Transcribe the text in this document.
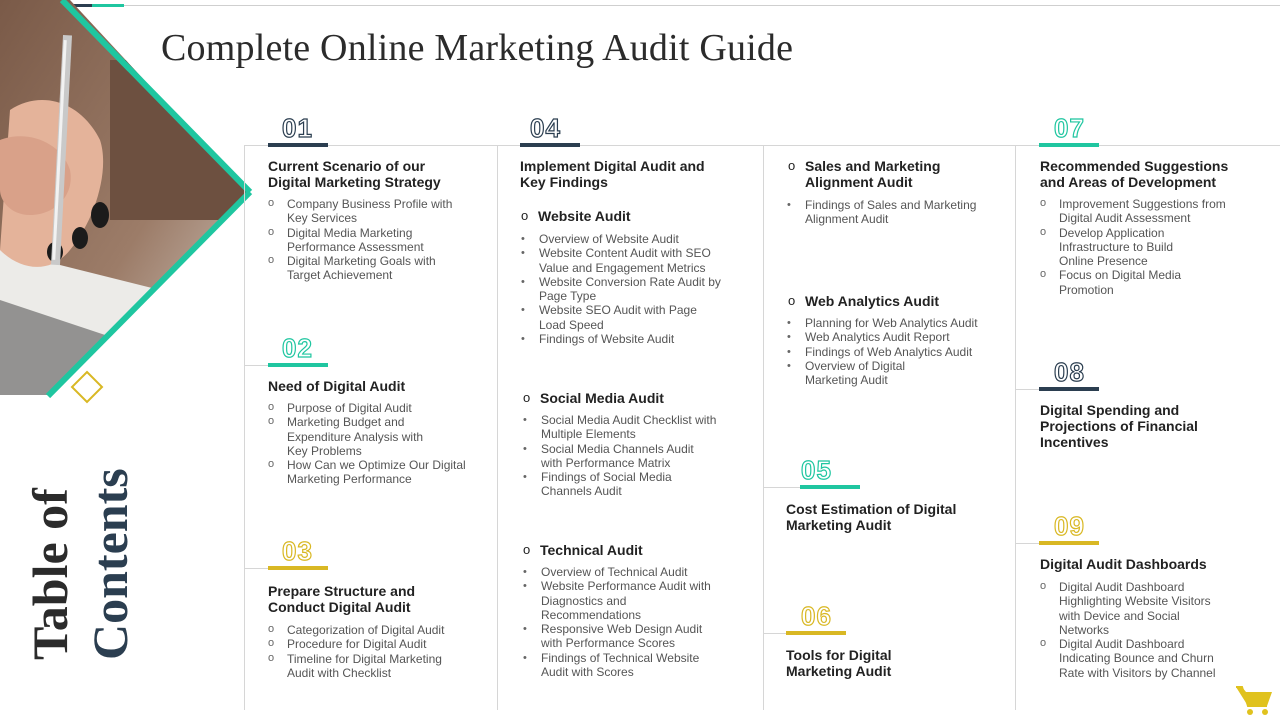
Complete Online Marketing Audit Guide
Table of Contents
01
Current Scenario of our Digital Marketing Strategy
o Company Business Profile with Key Services
o Digital Media Marketing Performance Assessment
o Digital Marketing Goals with Target Achievement
02
Need of Digital Audit
o Purpose of Digital Audit
o Marketing Budget and Expenditure Analysis with Key Problems
o How Can we Optimize Our Digital Marketing Performance
03
Prepare Structure and Conduct Digital Audit
o Categorization of Digital Audit
o Procedure for Digital Audit
o Timeline for Digital Marketing Audit with Checklist
04
Implement Digital Audit and Key Findings
o Website Audit
• Overview of Website Audit
• Website Content Audit with SEO Value and Engagement Metrics
• Website Conversion Rate Audit by Page Type
• Website SEO Audit with Page Load Speed
• Findings of Website Audit
o Social Media Audit
• Social Media Audit Checklist with Multiple Elements
• Social Media Channels Audit with Performance Matrix
• Findings of Social Media Channels Audit
o Technical Audit
• Overview of Technical Audit
• Website Performance Audit with Diagnostics and Recommendations
• Responsive Web Design Audit with Performance Scores
• Findings of Technical Website Audit with Scores
o Sales and Marketing Alignment Audit
• Findings of Sales and Marketing Alignment Audit
o Web Analytics Audit
• Planning for Web Analytics Audit
• Web Analytics Audit Report
• Findings of Web Analytics Audit
• Overview of Digital Marketing Audit
05
Cost Estimation of Digital Marketing Audit
06
Tools for Digital Marketing Audit
07
Recommended Suggestions and Areas of Development
o Improvement Suggestions from Digital Audit Assessment
o Develop Application Infrastructure to Build Online Presence
o Focus on Digital Media Promotion
08
Digital Spending and Projections of Financial Incentives
09
Digital Audit Dashboards
o Digital Audit Dashboard Highlighting Website Visitors with Device and Social Networks
o Digital Audit Dashboard Indicating Bounce and Churn Rate with Visitors by Channel
